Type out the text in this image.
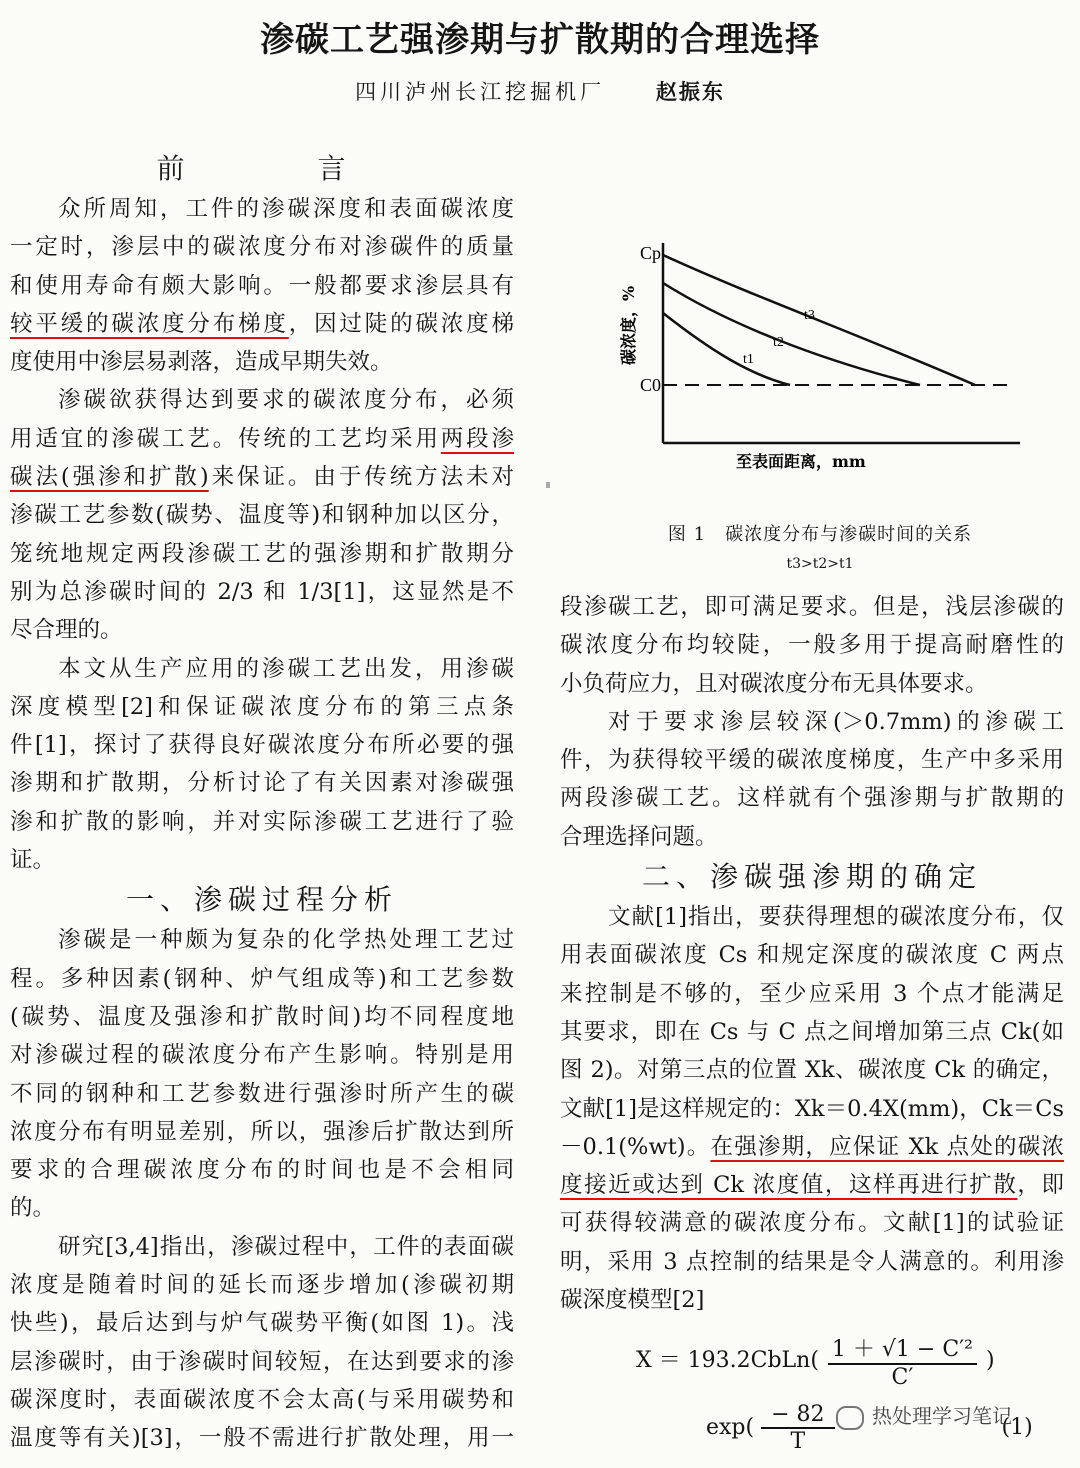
渗碳工艺强渗期与扩散期的合理选择
四川泸州长江挖掘机厂 赵振东
前 言
众所周知，工件的渗碳深度和表面碳浓度
一定时，渗层中的碳浓度分布对渗碳件的质量
和使用寿命有颇大影响。一般都要求渗层具有
较平缓的碳浓度分布梯度，因过陡的碳浓度梯
度使用中渗层易剥落，造成早期失效。
渗碳欲获得达到要求的碳浓度分布，必须
用适宜的渗碳工艺。传统的工艺均采用两段渗
碳法(强渗和扩散)来保证。由于传统方法未对
渗碳工艺参数(碳势、温度等)和钢种加以区分，
笼统地规定两段渗碳工艺的强渗期和扩散期分
别为总渗碳时间的 2/3 和 1/3[1]，这显然是不
尽合理的。
本文从生产应用的渗碳工艺出发，用渗碳
深度模型[2]和保证碳浓度分布的第三点条
件[1]，探讨了获得良好碳浓度分布所必要的强
渗期和扩散期，分析讨论了有关因素对渗碳强
渗和扩散的影响，并对实际渗碳工艺进行了验
证。
一、渗碳过程分析
渗碳是一种颇为复杂的化学热处理工艺过
程。多种因素(钢种、炉气组成等)和工艺参数
(碳势、温度及强渗和扩散时间)均不同程度地
对渗碳过程的碳浓度分布产生影响。特别是用
不同的钢种和工艺参数进行强渗时所产生的碳
浓度分布有明显差别，所以，强渗后扩散达到所
要求的合理碳浓度分布的时间也是不会相同
的。
研究[3,4]指出，渗碳过程中，工件的表面碳
浓度是随着时间的延长而逐步增加(渗碳初期
快些)，最后达到与炉气碳势平衡(如图 1)。浅
层渗碳时，由于渗碳时间较短，在达到要求的渗
碳深度时，表面碳浓度不会太高(与采用碳势和
温度等有关)[3]，一般不需进行扩散处理，用一
Cp
C0
碳浓度，%
至表面距离，mm
t3
t2
t1
图 1　碳浓度分布与渗碳时间的关系
t3>t2>t1
段渗碳工艺，即可满足要求。但是，浅层渗碳的
碳浓度分布均较陡，一般多用于提高耐磨性的
小负荷应力，且对碳浓度分布无具体要求。
对于要求渗层较深(＞0.7mm)的渗碳工
件，为获得较平缓的碳浓度梯度，生产中多采用
两段渗碳工艺。这样就有个强渗期与扩散期的
合理选择问题。
二、渗碳强渗期的确定
文献[1]指出，要获得理想的碳浓度分布，仅
用表面碳浓度 Cs 和规定深度的碳浓度 C 两点
来控制是不够的，至少应采用 3 个点才能满足
其要求，即在 Cs 与 C 点之间增加第三点 Ck(如
图 2)。对第三点的位置 Xk、碳浓度 Ck 的确定，
文献[1]是这样规定的：Xk＝0.4X(mm)，Ck＝Cs
－0.1(%wt)。在强渗期，应保证 Xk 点处的碳浓
度接近或达到 Ck 浓度值，这样再进行扩散，即
可获得较满意的碳浓度分布。文献[1]的试验证
明，采用 3 点控制的结果是令人满意的。利用渗
碳深度模型[2]
X ＝ 193.2CbLn( $\frac{\text{1 ＋ √1 − C′²}}{C'}$ )
$\exp( \frac{- 82}{T}$	(1)
热处理学习笔记
